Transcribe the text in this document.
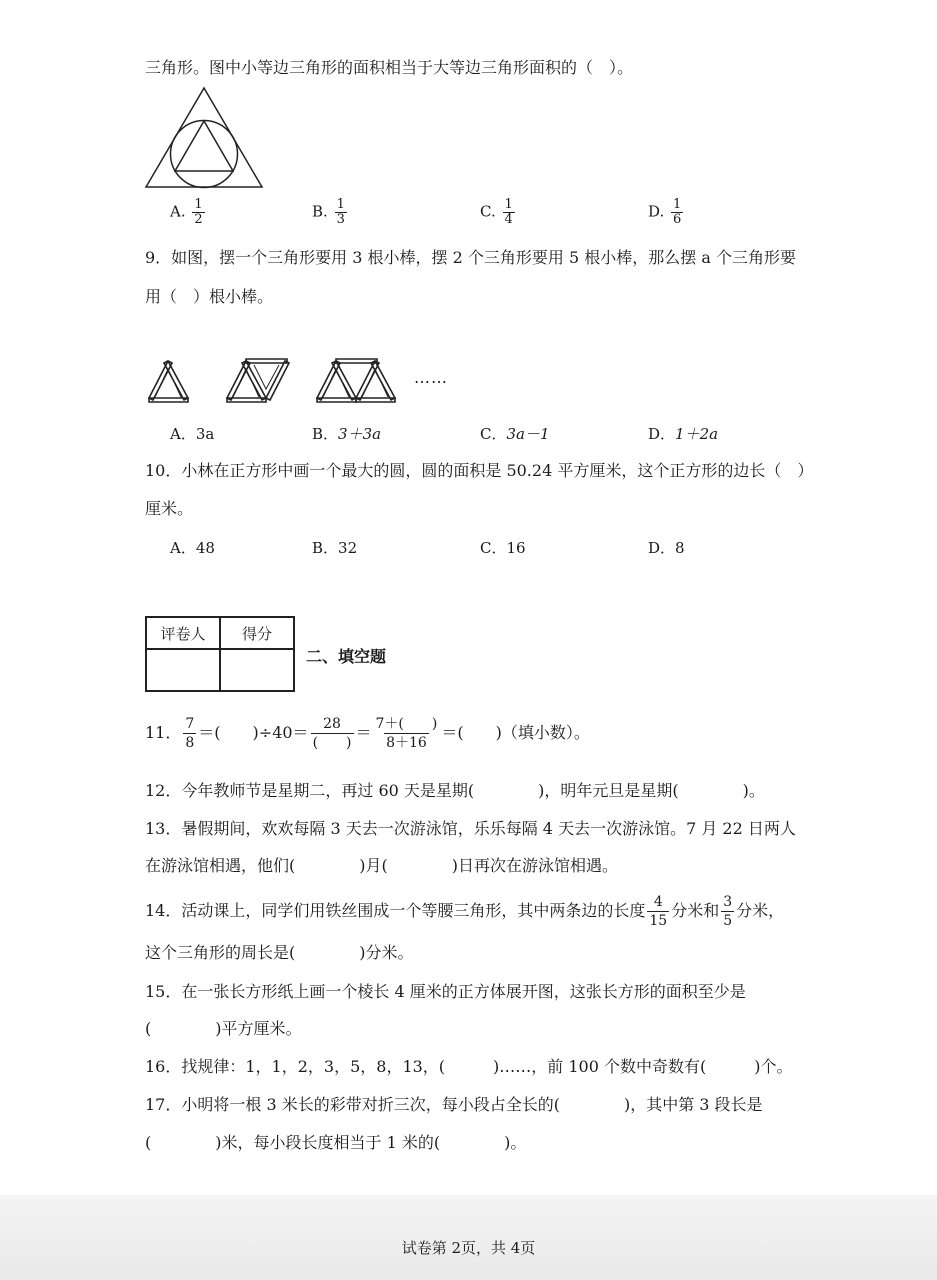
三角形。图中小等边三角形的面积相当于大等边三角形面积的（　）。
A. $\frac{1}{2}$	B. $\frac{1}{3}$	C. $\frac{1}{4}$	D. $\frac{1}{6}$
9．如图，摆一个三角形要用 3 根小棒，摆 2 个三角形要用 5 根小棒，那么摆 a 个三角形要
用（　）根小棒。
……
A．3a	B．3＋3a	C．3a－1	D．1＋2a
10．小林在正方形中画一个最大的圆，圆的面积是 50.24 平方厘米，这个正方形的边长（　）
厘米。
A．48	B．32	C．16	D．8
评卷人	得分

二、填空题
11． $\frac{7}{8}$ ＝(　　)$\div 40= \frac{28}{( )} = \frac{7+( )}{8+16}$ ＝(　　)（填小数）。
12．今年教师节是星期二，再过 60 天是星期(　　　　)，明年元旦是星期(　　　　)。
13．暑假期间，欢欢每隔 3 天去一次游泳馆，乐乐每隔 4 天去一次游泳馆。7 月 22 日两人
在游泳馆相遇，他们(　　　　)月(　　　　)日再次在游泳馆相遇。
14．活动课上，同学们用铁丝围成一个等腰三角形，其中两条边的长度 $\frac{4}{15}$ 分米和 $\frac{3}{5}$ 分米，
这个三角形的周长是(　　　　)分米。
15．在一张长方形纸上画一个棱长 4 厘米的正方体展开图，这张长方形的面积至少是
(　　　　)平方厘米。
16．找规律：1，1，2，3，5，8，13，(　　　)……，前 100 个数中奇数有(　　　)个。
17．小明将一根 3 米长的彩带对折三次，每小段占全长的(　　　　)，其中第 3 段长是
(　　　　)米，每小段长度相当于 1 米的(　　　　)。
试卷第 2页，共 4页
